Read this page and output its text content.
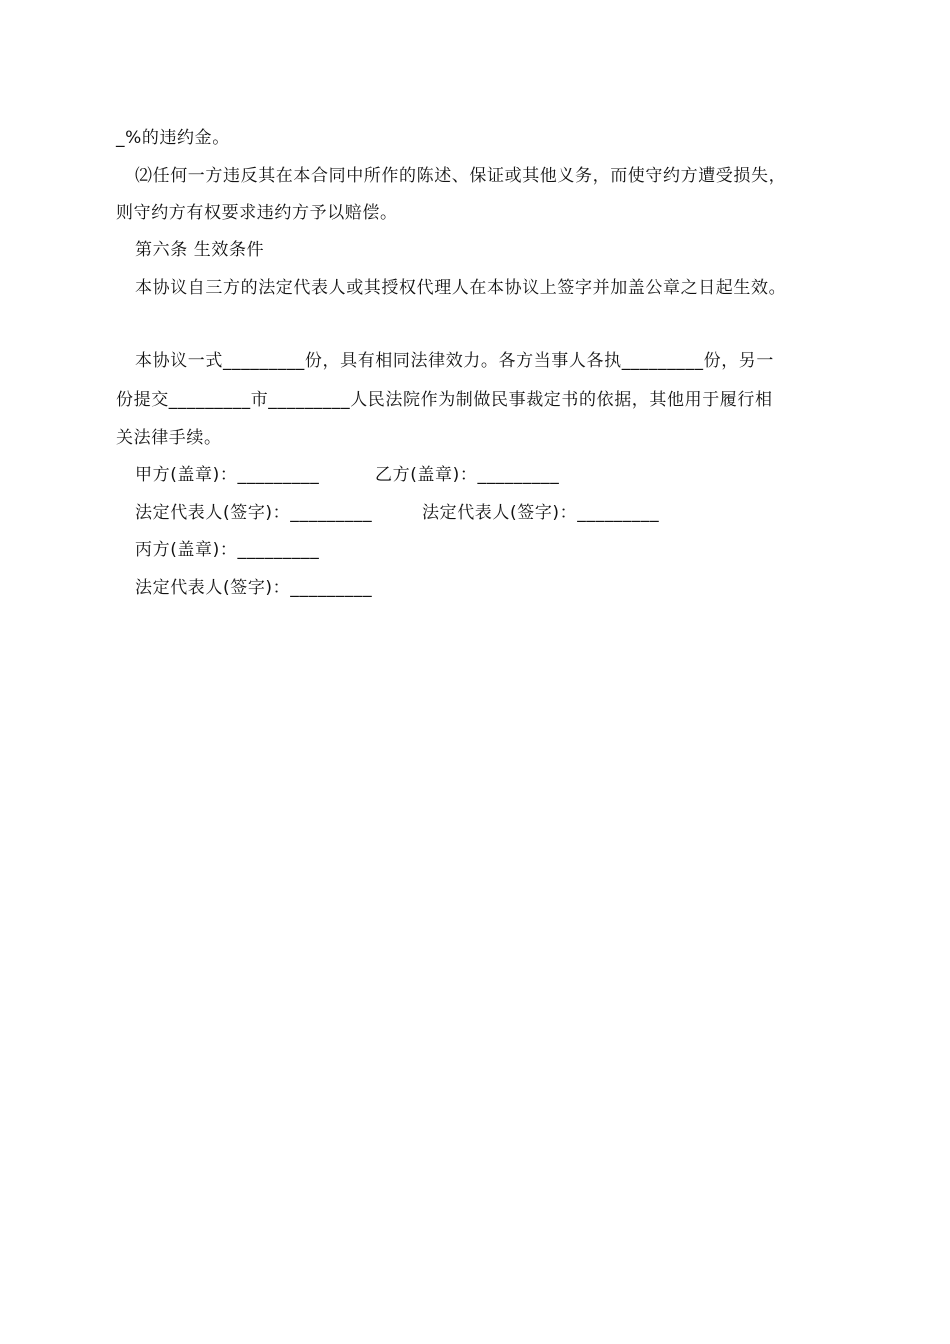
_%的违约金。
⑵任何一方违反其在本合同中所作的陈述、保证或其他义务，而使守约方遭受损失，
则守约方有权要求违约方予以赔偿。
第六条 生效条件
本协议自三方的法定代表人或其授权代理人在本协议上签字并加盖公章之日起生效。
本协议一式_________份，具有相同法律效力。各方当事人各执_________份，另一
份提交_________市_________人民法院作为制做民事裁定书的依据，其他用于履行相
关法律手续。
甲方(盖章)：_________	乙方(盖章)：_________
法定代表人(签字)：_________	法定代表人(签字)：_________
丙方(盖章)：_________
法定代表人(签字)：_________
